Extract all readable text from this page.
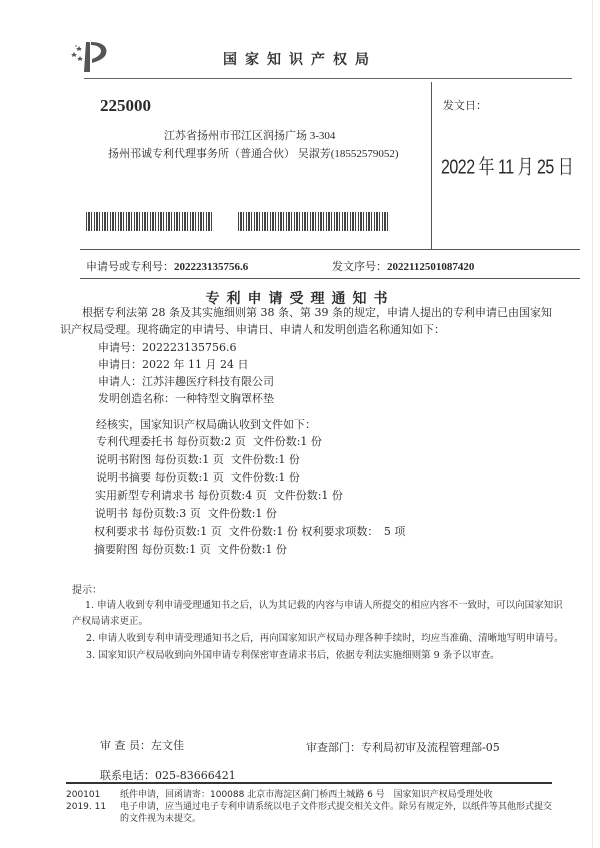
国家知识产权局
225000
江苏省扬州市邗江区润扬广场 3-304
扬州邗诚专利代理事务所（普通合伙） 吴淑芳(18552579052)
发文日：
2022 年 11 月 25 日
申请号或专利号：202223135756.6	发文序号：2022112501087420
专利申请受理通知书
根据专利法第 28 条及其实施细则第 38 条、第 39 条的规定，申请人提出的专利申请已由国家知识产权局受理。现将确定的申请号、申请日、申请人和发明创造名称通知如下：
申请号：202223135756.6
申请日：2022 年 11 月 24 日
申请人：江苏沣趣医疗科技有限公司
发明创造名称：一种特型文胸罩杯垫
经核实，国家知识产权局确认收到文件如下：
专利代理委托书 每份页数:2 页 文件份数:1 份
说明书附图 每份页数:1 页 文件份数:1 份
说明书摘要 每份页数:1 页 文件份数:1 份
实用新型专利请求书 每份页数:4 页 文件份数:1 份
说明书 每份页数:3 页 文件份数:1 份
权利要求书 每份页数:1 页 文件份数:1 份 权利要求项数：　5 项
摘要附图 每份页数:1 页 文件份数:1 份
提示：
1. 申请人收到专利申请受理通知书之后，认为其记载的内容与申请人所提交的相应内容不一致时，可以向国家知识产权局请求更正。
2. 申请人收到专利申请受理通知书之后，再向国家知识产权局办理各种手续时，均应当准确、清晰地写明申请号。
3. 国家知识产权局收到向外国申请专利保密审查请求书后，依据专利法实施细则第 9 条予以审查。
审 查 员：左文佳	审查部门：专利局初审及流程管理部-05
联系电话：025-83666421
200101
2019. 11
纸件申请，回函请寄：100088 北京市海淀区蓟门桥西土城路 6 号　国家知识产权局受理处收
电子申请，应当通过电子专利申请系统以电子文件形式提交相关文件。除另有规定外，以纸件等其他形式提交的文件视为未提交。
